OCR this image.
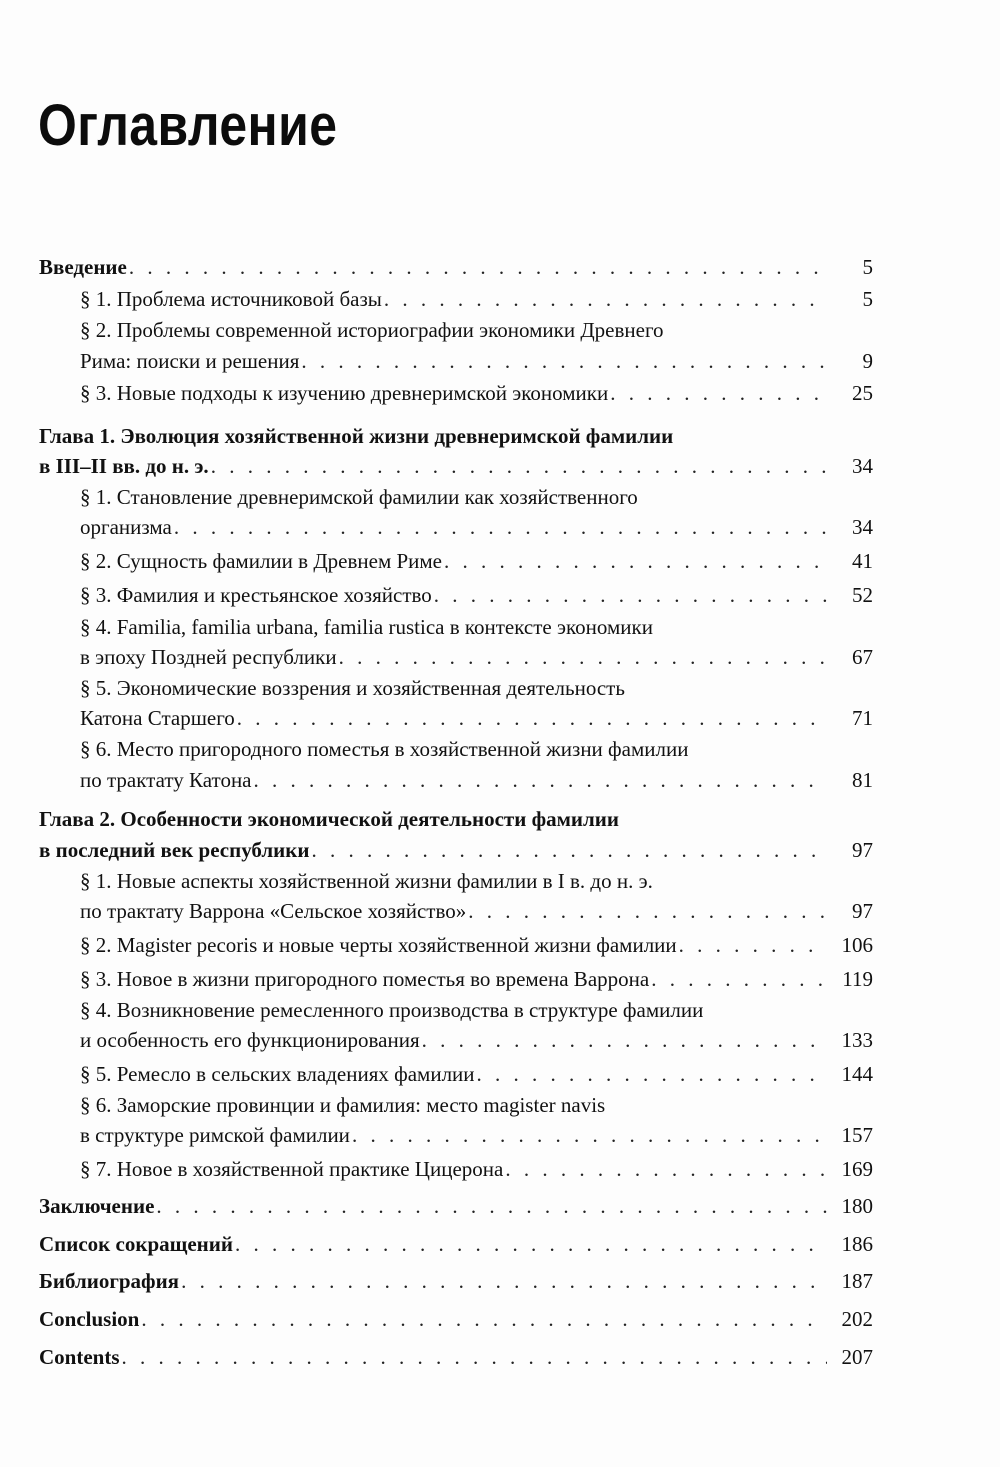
Оглавление
Введение . . .	5
§ 1. Проблема источниковой базы . . .	5
§ 2. Проблемы современной историографии экономики Древнего
Рима: поиски и решения . . .	9
§ 3. Новые подходы к изучению древнеримской экономики . . .	25
Глава 1. Эволюция хозяйственной жизни древнеримской фамилии
в III–II вв. до н. э. . . .	34
§ 1. Становление древнеримской фамилии как хозяйственного
организма . . .	34
§ 2. Сущность фамилии в Древнем Риме . . .	41
§ 3. Фамилия и крестьянское хозяйство . . .	52
§ 4. Familia, familia urbana, familia rustica в контексте экономики
в эпоху Поздней республики . . .	67
§ 5. Экономические воззрения и хозяйственная деятельность
Катона Старшего . . .	71
§ 6. Место пригородного поместья в хозяйственной жизни фамилии
по трактату Катона . . .	81
Глава 2. Особенности экономической деятельности фамилии
в последний век республики . . .	97
§ 1. Новые аспекты хозяйственной жизни фамилии в I в. до н. э.
по трактату Варрона «Сельское хозяйство» . . .	97
§ 2. Magister pecoris и новые черты хозяйственной жизни фамилии . . .	106
§ 3. Новое в жизни пригородного поместья во времена Варрона . . .	119
§ 4. Возникновение ремесленного производства в структуре фамилии
и особенность его функционирования . . .	133
§ 5. Ремесло в сельских владениях фамилии . . .	144
§ 6. Заморские провинции и фамилия: место magister navis
в структуре римской фамилии . . .	157
§ 7. Новое в хозяйственной практике Цицерона . . .	169
Заключение . . .	180
Список сокращений . . .	186
Библиография . . .	187
Conclusion . . .	202
Contents . . .	207
